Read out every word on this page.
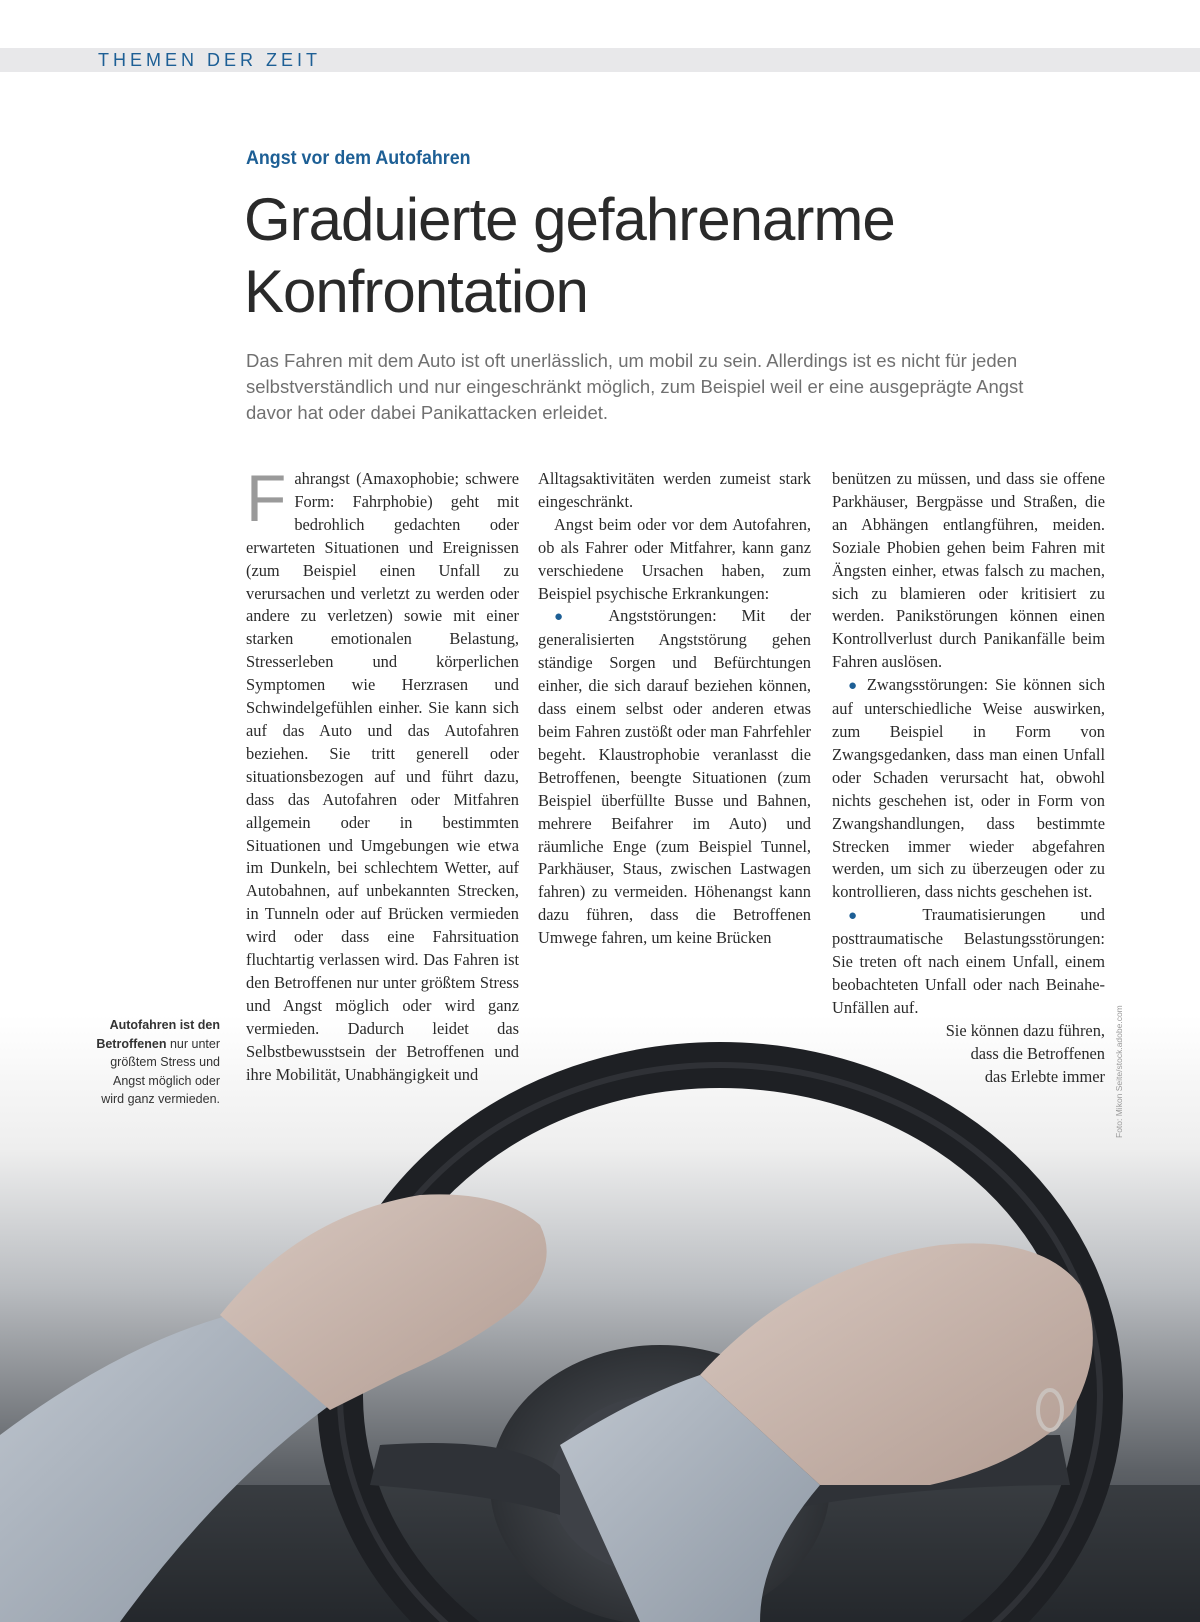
THEMEN DER ZEIT
Angst vor dem Autofahren
Graduierte gefahrenarme
Konfrontation
Das Fahren mit dem Auto ist oft unerlässlich, um mobil zu sein. Allerdings ist es nicht für jeden
selbstverständlich und nur eingeschränkt möglich, zum Beispiel weil er eine ausgeprägte Angst
davor hat oder dabei Panikattacken erleidet.

Fahrangst (Amaxophobie; schwere Form: Fahrphobie) geht mit bedrohlich gedachten oder erwarteten Situationen und Ereignissen (zum Beispiel einen Unfall zu verursachen und verletzt zu werden oder andere zu verletzen) sowie mit einer starken emotionalen Belastung, Stresserleben und körperlichen Symptomen wie Herzrasen und Schwindelgefühlen einher. Sie kann sich auf das Auto und das Autofahren beziehen. Sie tritt generell oder situationsbezogen auf und führt dazu, dass das Autofahren oder Mitfahren allgemein oder in bestimmten Situationen und Umgebungen wie etwa im Dunkeln, bei schlechtem Wetter, auf Autobahnen, auf unbekannten Strecken, in Tunneln oder auf Brücken vermieden wird oder dass eine Fahrsituation fluchtartig verlassen wird. Das Fahren ist den Betroffenen nur unter größtem Stress und Angst möglich oder wird ganz vermieden. Dadurch leidet das Selbstbewusstsein der Betroffenen und ihre Mobilität, Unabhängigkeit und

Alltagsaktivitäten werden zumeist stark eingeschränkt.

Angst beim oder vor dem Autofahren, ob als Fahrer oder Mitfahrer, kann ganz verschiedene Ursachen haben, zum Beispiel psychische Erkrankungen:

● Angststörungen: Mit der generalisierten Angststörung gehen ständige Sorgen und Befürchtungen einher, die sich darauf beziehen können, dass einem selbst oder anderen etwas beim Fahren zustößt oder man Fahrfehler begeht. Klaustrophobie veranlasst die Betroffenen, beengte Situationen (zum Beispiel überfüllte Busse und Bahnen, mehrere Beifahrer im Auto) und räumliche Enge (zum Beispiel Tunnel, Parkhäuser, Staus, zwischen Lastwagen fahren) zu vermeiden. Höhenangst kann dazu führen, dass die Betroffenen Umwege fahren, um keine Brücken

benützen zu müssen, und dass sie offene Parkhäuser, Bergpässe und Straßen, die an Abhängen entlangführen, meiden. Soziale Phobien gehen beim Fahren mit Ängsten einher, etwas falsch zu machen, sich zu blamieren oder kritisiert zu werden. Panikstörungen können einen Kontrollverlust durch Panikanfälle beim Fahren auslösen.

● Zwangsstörungen: Sie können sich auf unterschiedliche Weise auswirken, zum Beispiel in Form von Zwangsgedanken, dass man einen Unfall oder Schaden verursacht hat, obwohl nichts geschehen ist, oder in Form von Zwangshandlungen, dass bestimmte Strecken immer wieder abgefahren werden, um sich zu überzeugen oder zu kontrollieren, dass nichts geschehen ist.

● Traumatisierungen und posttraumatische Belastungsstörungen: Sie treten oft nach einem Unfall, einem beobachteten Unfall oder nach Beinahe-Unfällen auf.
Sie können dazu führen,
dass die Betroffenen
das Erlebte immer

Autofahren ist den Betroffenen nur unter größtem Stress und Angst möglich oder wird ganz vermieden.	Foto: Mikon Seite/stock.adobe.com
